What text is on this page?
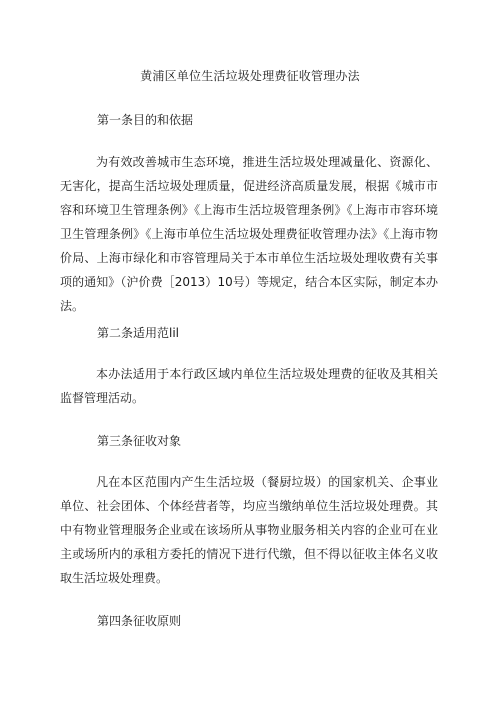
黄浦区单位生活垃圾处理费征收管理办法
第一条目的和依据
为有效改善城市生态环境，推进生活垃圾处理减量化、资源化、无害化，提高生活垃圾处理质量，促进经济高质量发展，根据《城市市容和环境卫生管理条例》《上海市生活垃圾管理条例》《上海市市容环境卫生管理条例》《上海市单位生活垃圾处理费征收管理办法》《上海市物价局、上海市绿化和市容管理局关于本市单位生活垃圾处理收费有关事项的通知》（沪价费［2013）10号）等规定，结合本区实际，制定本办法。
第二条适用范lil
本办法适用于本行政区域内单位生活垃圾处理费的征收及其相关监督管理活动。
第三条征收对象
凡在本区范围内产生生活垃圾（餐厨垃圾）的国家机关、企事业单位、社会团体、个体经营者等，均应当缴纳单位生活垃圾处理费。其中有物业管理服务企业或在该场所从事物业服务相关内容的企业可在业主或场所内的承租方委托的情况下进行代缴，但不得以征收主体名义收取生活垃圾处理费。
第四条征收原则
